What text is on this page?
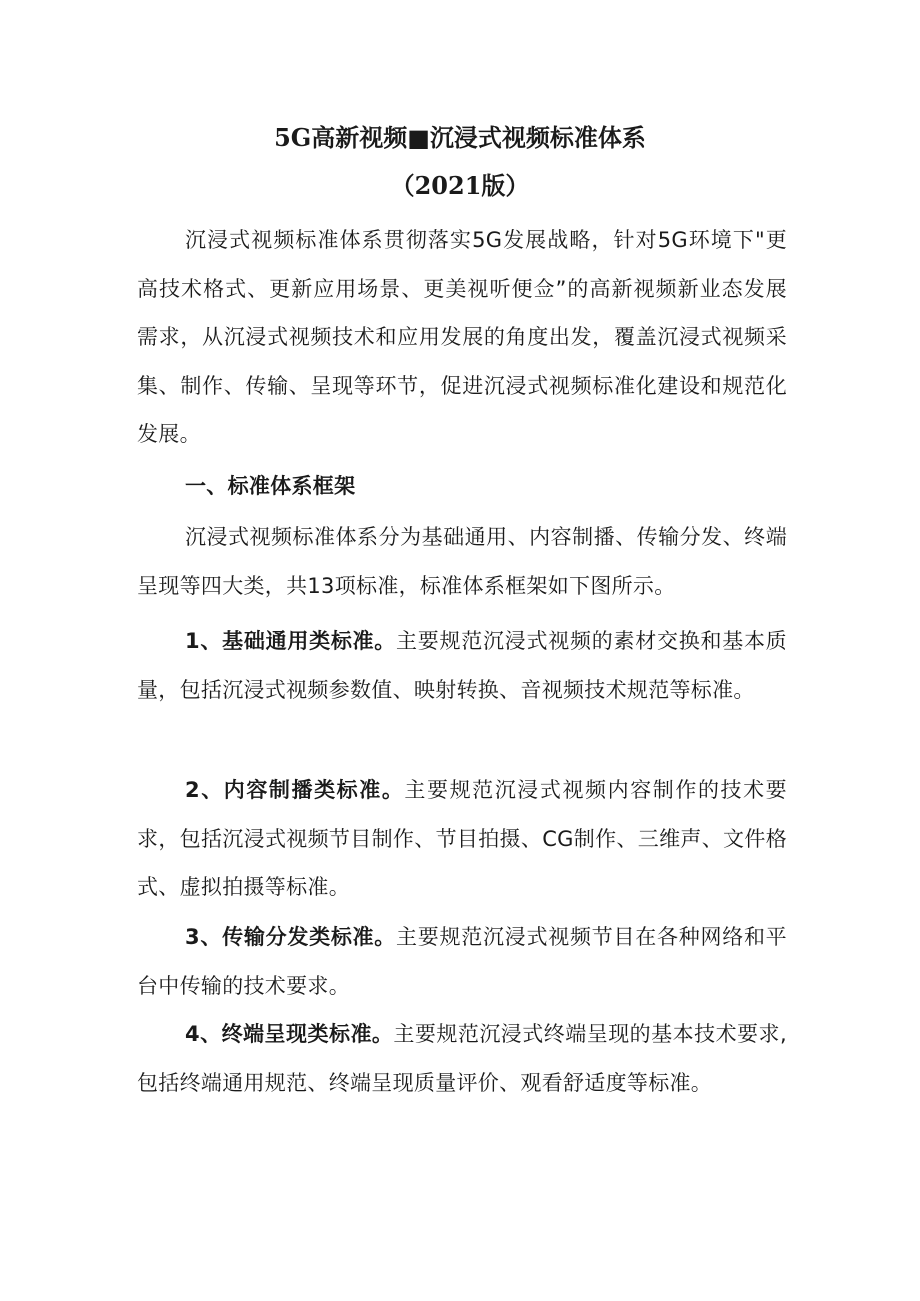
5G高新视频■沉浸式视频标准体系
（2021版）

沉浸式视频标准体系贯彻落实5G发展战略，针对5G环境下"更高技术格式、更新应用场景、更美视听便佥”的高新视频新业态发展需求，从沉浸式视频技术和应用发展的角度出发，覆盖沉浸式视频采集、制作、传输、呈现等环节，促进沉浸式视频标准化建设和规范化发展。

一、标准体系框架

沉浸式视频标准体系分为基础通用、内容制播、传输分发、终端呈现等四大类，共13项标准，标准体系框架如下图所示。

1、基础通用类标准。主要规范沉浸式视频的素材交换和基本质量，包括沉浸式视频参数值、映射转换、音视频技术规范等标准。

2、内容制播类标准。主要规范沉浸式视频内容制作的技术要求，包括沉浸式视频节目制作、节目拍摄、CG制作、三维声、文件格式、虚拟拍摄等标准。

3、传输分发类标准。主要规范沉浸式视频节目在各种网络和平台中传输的技术要求。

4、终端呈现类标准。主要规范沉浸式终端呈现的基本技术要求,包括终端通用规范、终端呈现质量评价、观看舒适度等标准。
